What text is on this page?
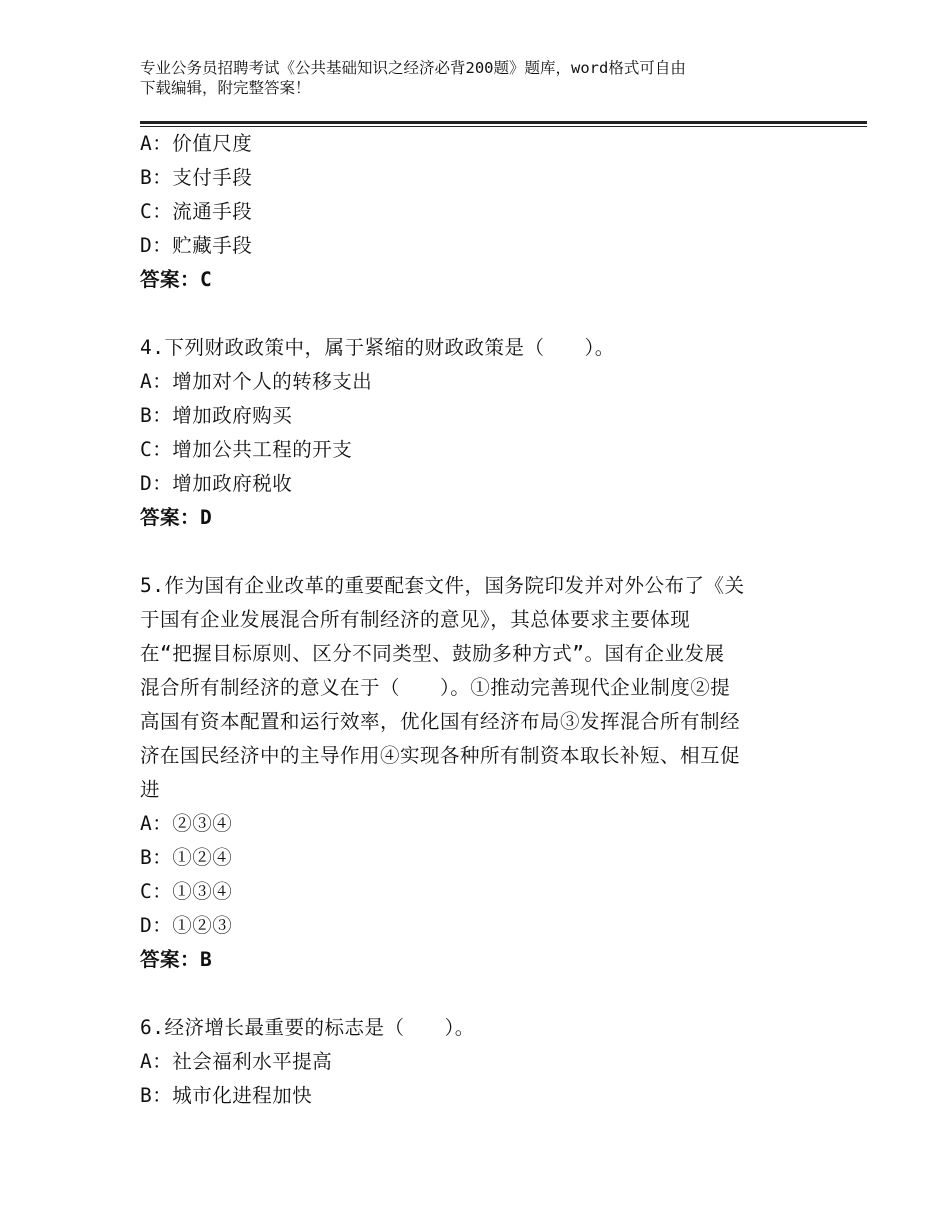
专业公务员招聘考试《公共基础知识之经济必背200题》题库，word格式可自由
下载编辑，附完整答案！
A：价值尺度
B：支付手段
C：流通手段
D：贮藏手段
答案：C
4.下列财政政策中，属于紧缩的财政政策是（　　）。
A：增加对个人的转移支出
B：增加政府购买
C：增加公共工程的开支
D：增加政府税收
答案：D
5.作为国有企业改革的重要配套文件，国务院印发并对外公布了《关
于国有企业发展混合所有制经济的意见》，其总体要求主要体现
在“把握目标原则、区分不同类型、鼓励多种方式”。国有企业发展
混合所有制经济的意义在于（　　）。①推动完善现代企业制度②提
高国有资本配置和运行效率，优化国有经济布局③发挥混合所有制经
济在国民经济中的主导作用④实现各种所有制资本取长补短、相互促
进
A：②③④
B：①②④
C：①③④
D：①②③
答案：B
6.经济增长最重要的标志是（　　）。
A：社会福利水平提高
B：城市化进程加快
